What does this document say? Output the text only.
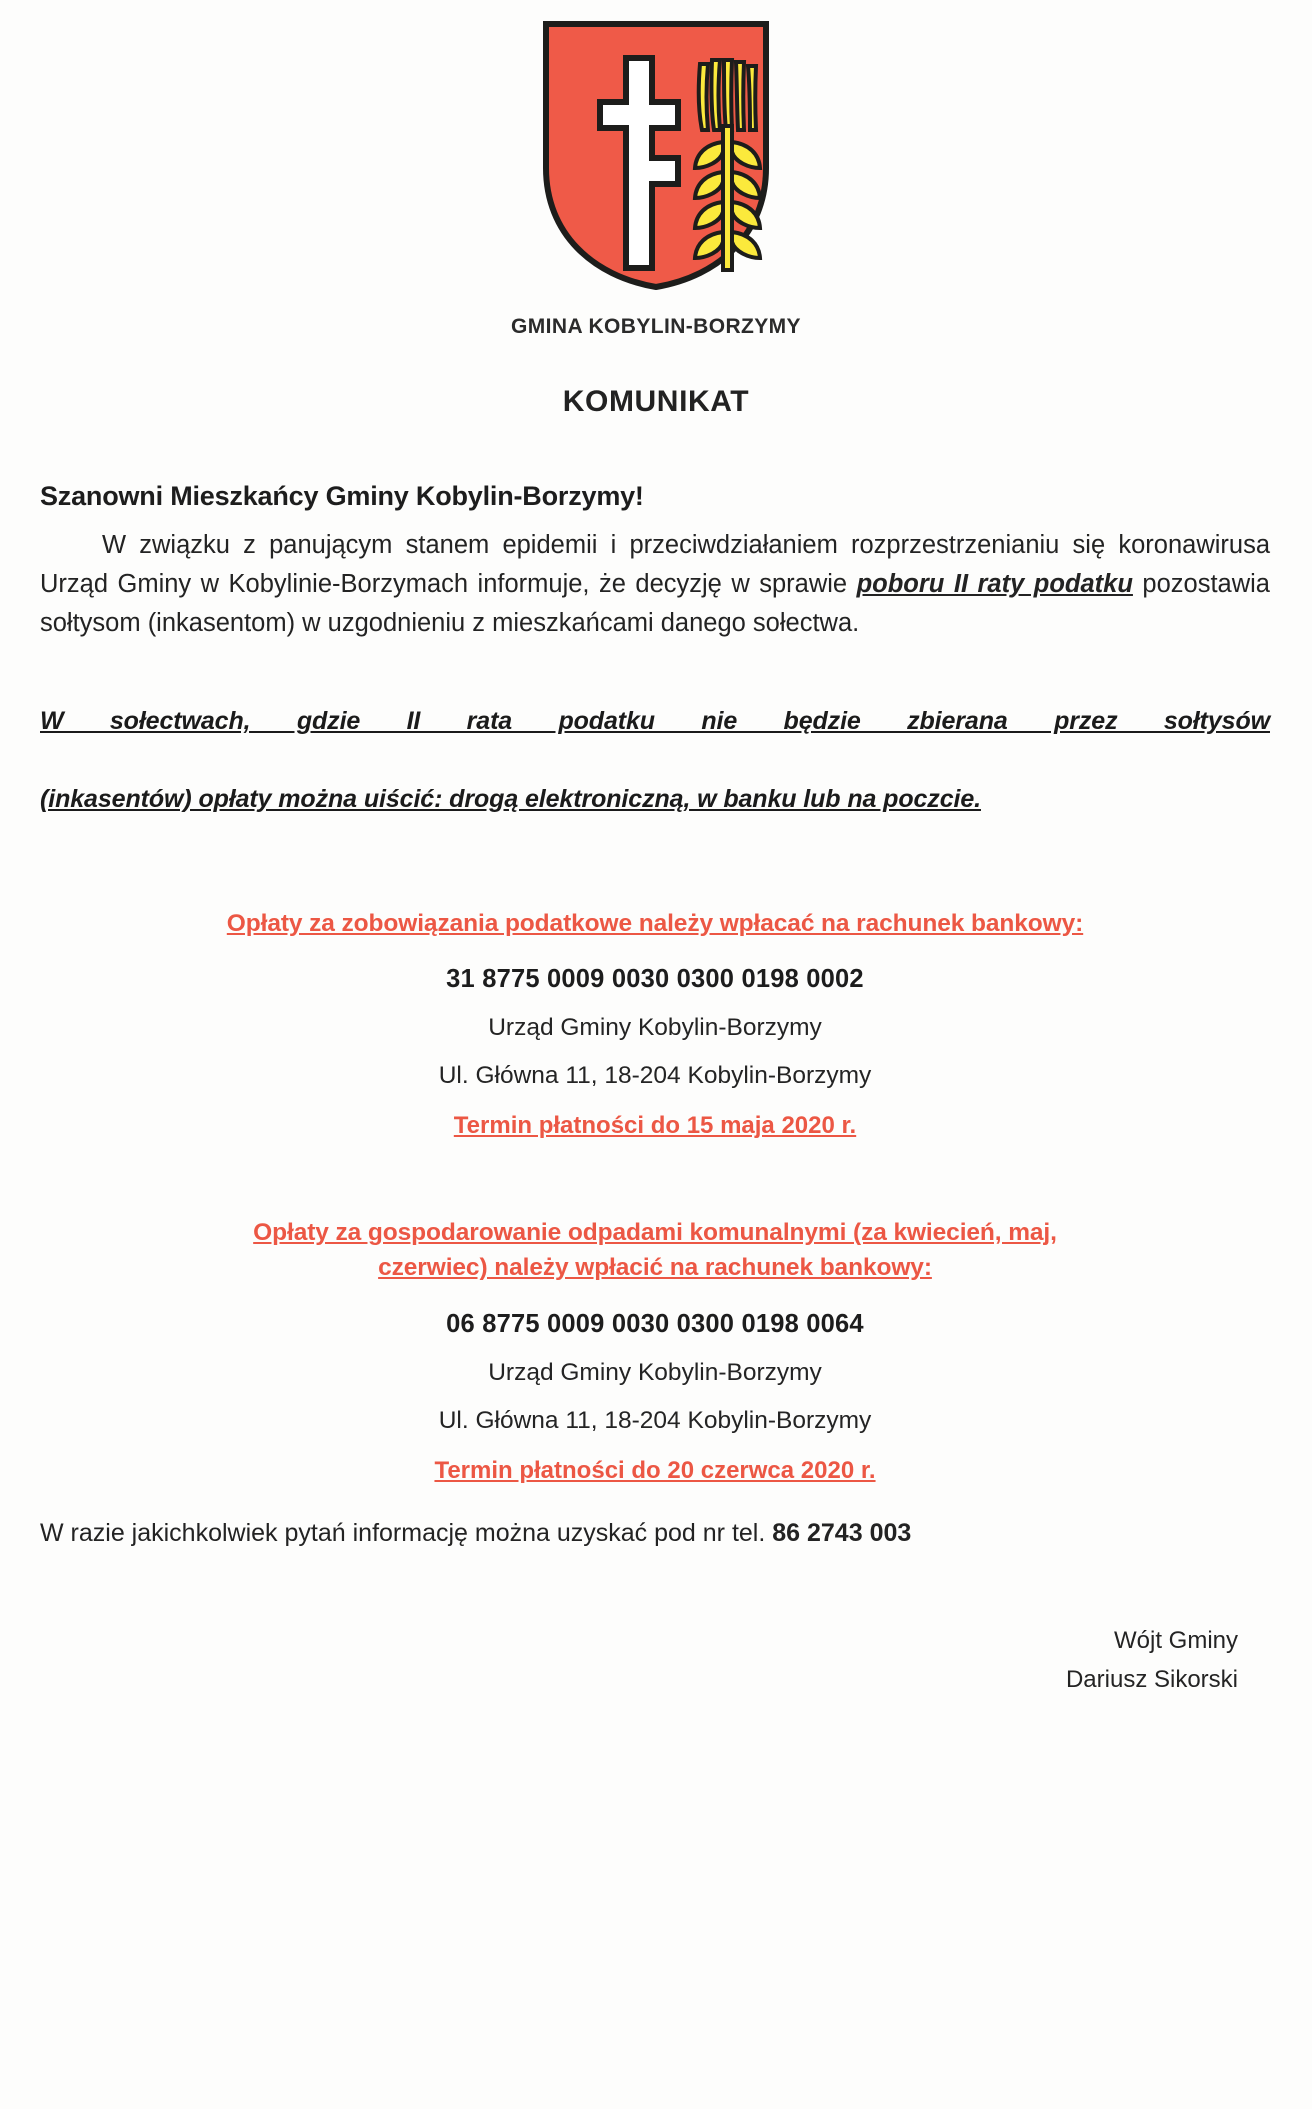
GMINA KOBYLIN-BORZYMY
KOMUNIKAT
Szanowni Mieszkańcy Gminy Kobylin-Borzymy!

W związku z panującym stanem epidemii i przeciwdziałaniem rozprzestrzenianiu się koronawirusa Urząd Gminy w Kobylinie-Borzymach informuje, że decyzję w sprawie poboru II raty podatku pozostawia sołtysom (inkasentom) w uzgodnieniu z mieszkańcami danego sołectwa.

W sołectwach, gdzie II rata podatku nie będzie zbierana przez sołtysów
(inkasentów) opłaty można uiścić: drogą elektroniczną, w banku lub na poczcie.
Opłaty za zobowiązania podatkowe należy wpłacać na rachunek bankowy:
31 8775 0009 0030 0300 0198 0002
Urząd Gminy Kobylin-Borzymy
Ul. Główna 11, 18-204 Kobylin-Borzymy
Termin płatności do 15 maja 2020 r.
Opłaty za gospodarowanie odpadami komunalnymi (za kwiecień, maj,
czerwiec) należy wpłacić na rachunek bankowy:
06 8775 0009 0030 0300 0198 0064
Urząd Gminy Kobylin-Borzymy
Ul. Główna 11, 18-204 Kobylin-Borzymy
Termin płatności do 20 czerwca 2020 r.
W razie jakichkolwiek pytań informację można uzyskać pod nr tel. 86 2743 003
Wójt Gminy
Dariusz Sikorski
